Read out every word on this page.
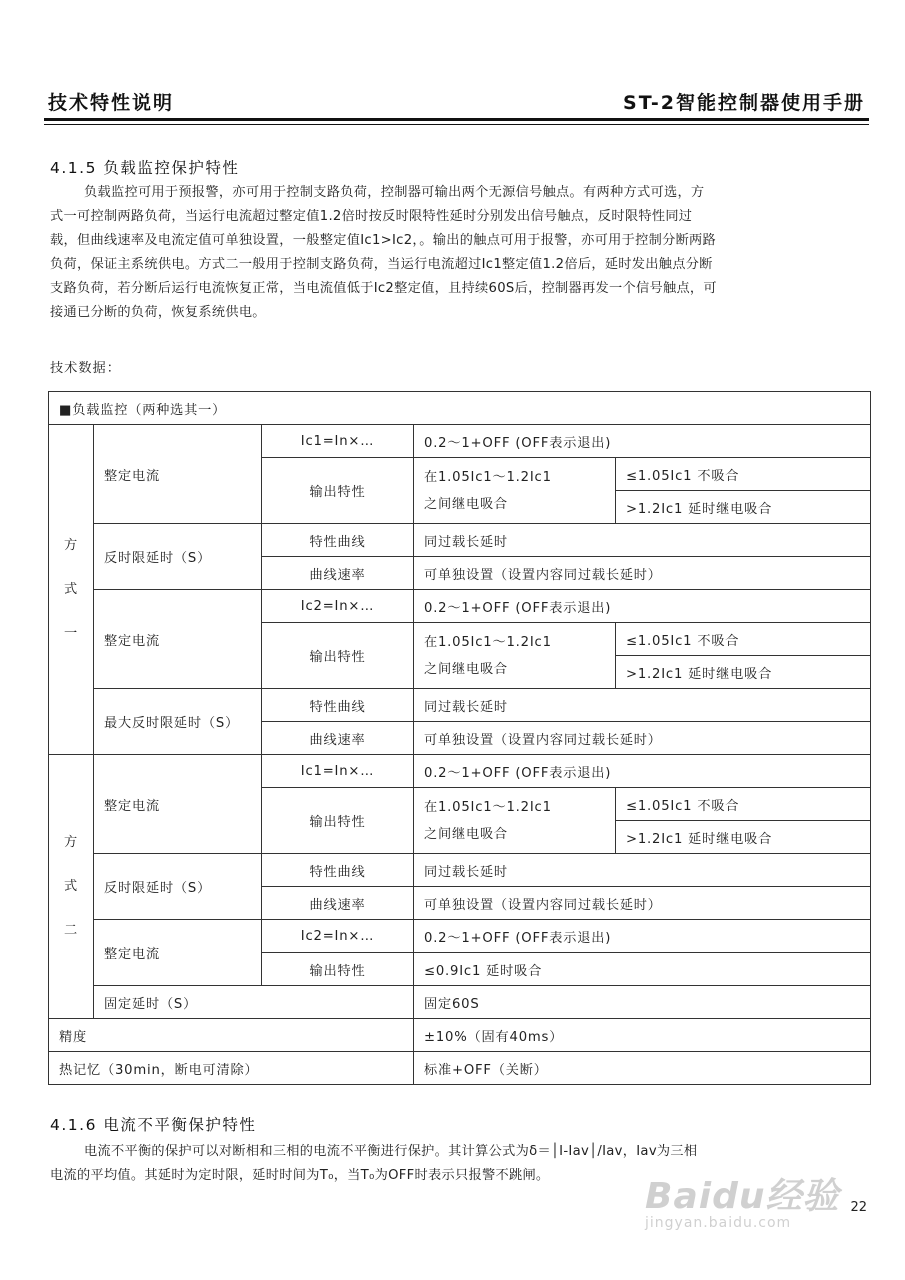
技术特性说明	ST-2智能控制器使用手册
4.1.5 负载监控保护特性

负载监控可用于预报警，亦可用于控制支路负荷，控制器可输出两个无源信号触点。有两种方式可选，方

式一可控制两路负荷，当运行电流超过整定值1.2倍时按反时限特性延时分别发出信号触点，反时限特性同过

载，但曲线速率及电流定值可单独设置，一般整定值Ic1>Ic2，。输出的触点可用于报警，亦可用于控制分断两路

负荷，保证主系统供电。方式二一般用于控制支路负荷，当运行电流超过Ic1整定值1.2倍后，延时发出触点分断

支路负荷，若分断后运行电流恢复正常，当电流值低于Ic2整定值，且持续60S后，控制器再发一个信号触点，可

接通已分断的负荷，恢复系统供电。

技术数据：
■负载监控（两种选其一）				

方
式
一	整定电流	Ic1=In×…	0.2～1+OFF (OFF表示退出)	
		输出特性	在1.05Ic1～1.2Ic1
之间继电吸合	≤1.05Ic1 不吸合
				>1.2Ic1 延时继电吸合
	反时限延时（S）	特性曲线	同过载长延时	
		曲线速率	可单独设置（设置内容同过载长延时）	
	整定电流	Ic2=In×…	0.2～1+OFF (OFF表示退出)	
		输出特性	在1.05Ic1～1.2Ic1
之间继电吸合	≤1.05Ic1 不吸合
				>1.2Ic1 延时继电吸合
	最大反时限延时（S）	特性曲线	同过载长延时	
		曲线速率	可单独设置（设置内容同过载长延时）	

方
式
二	整定电流	Ic1=In×…	0.2～1+OFF (OFF表示退出)	
		输出特性	在1.05Ic1～1.2Ic1
之间继电吸合	≤1.05Ic1 不吸合
				>1.2Ic1 延时继电吸合
	反时限延时（S）	特性曲线	同过载长延时	
		曲线速率	可单独设置（设置内容同过载长延时）	
	整定电流	Ic2=In×…	0.2～1+OFF (OFF表示退出)	
		输出特性	≤0.9Ic1 延时吸合	
	固定延时（S）		固定60S	
精度			±10%（固有40ms）	
热记忆（30min，断电可清除）			标准+OFF（关断）	
4.1.6 电流不平衡保护特性

电流不平衡的保护可以对断相和三相的电流不平衡进行保护。其计算公式为δ＝│I-Iav│/Iav，Iav为三相

电流的平均值。其延时为定时限，延时时间为T₀，当T₀为OFF时表示只报警不跳闸。

Baidu经验
jingyan.baidu.com
22
